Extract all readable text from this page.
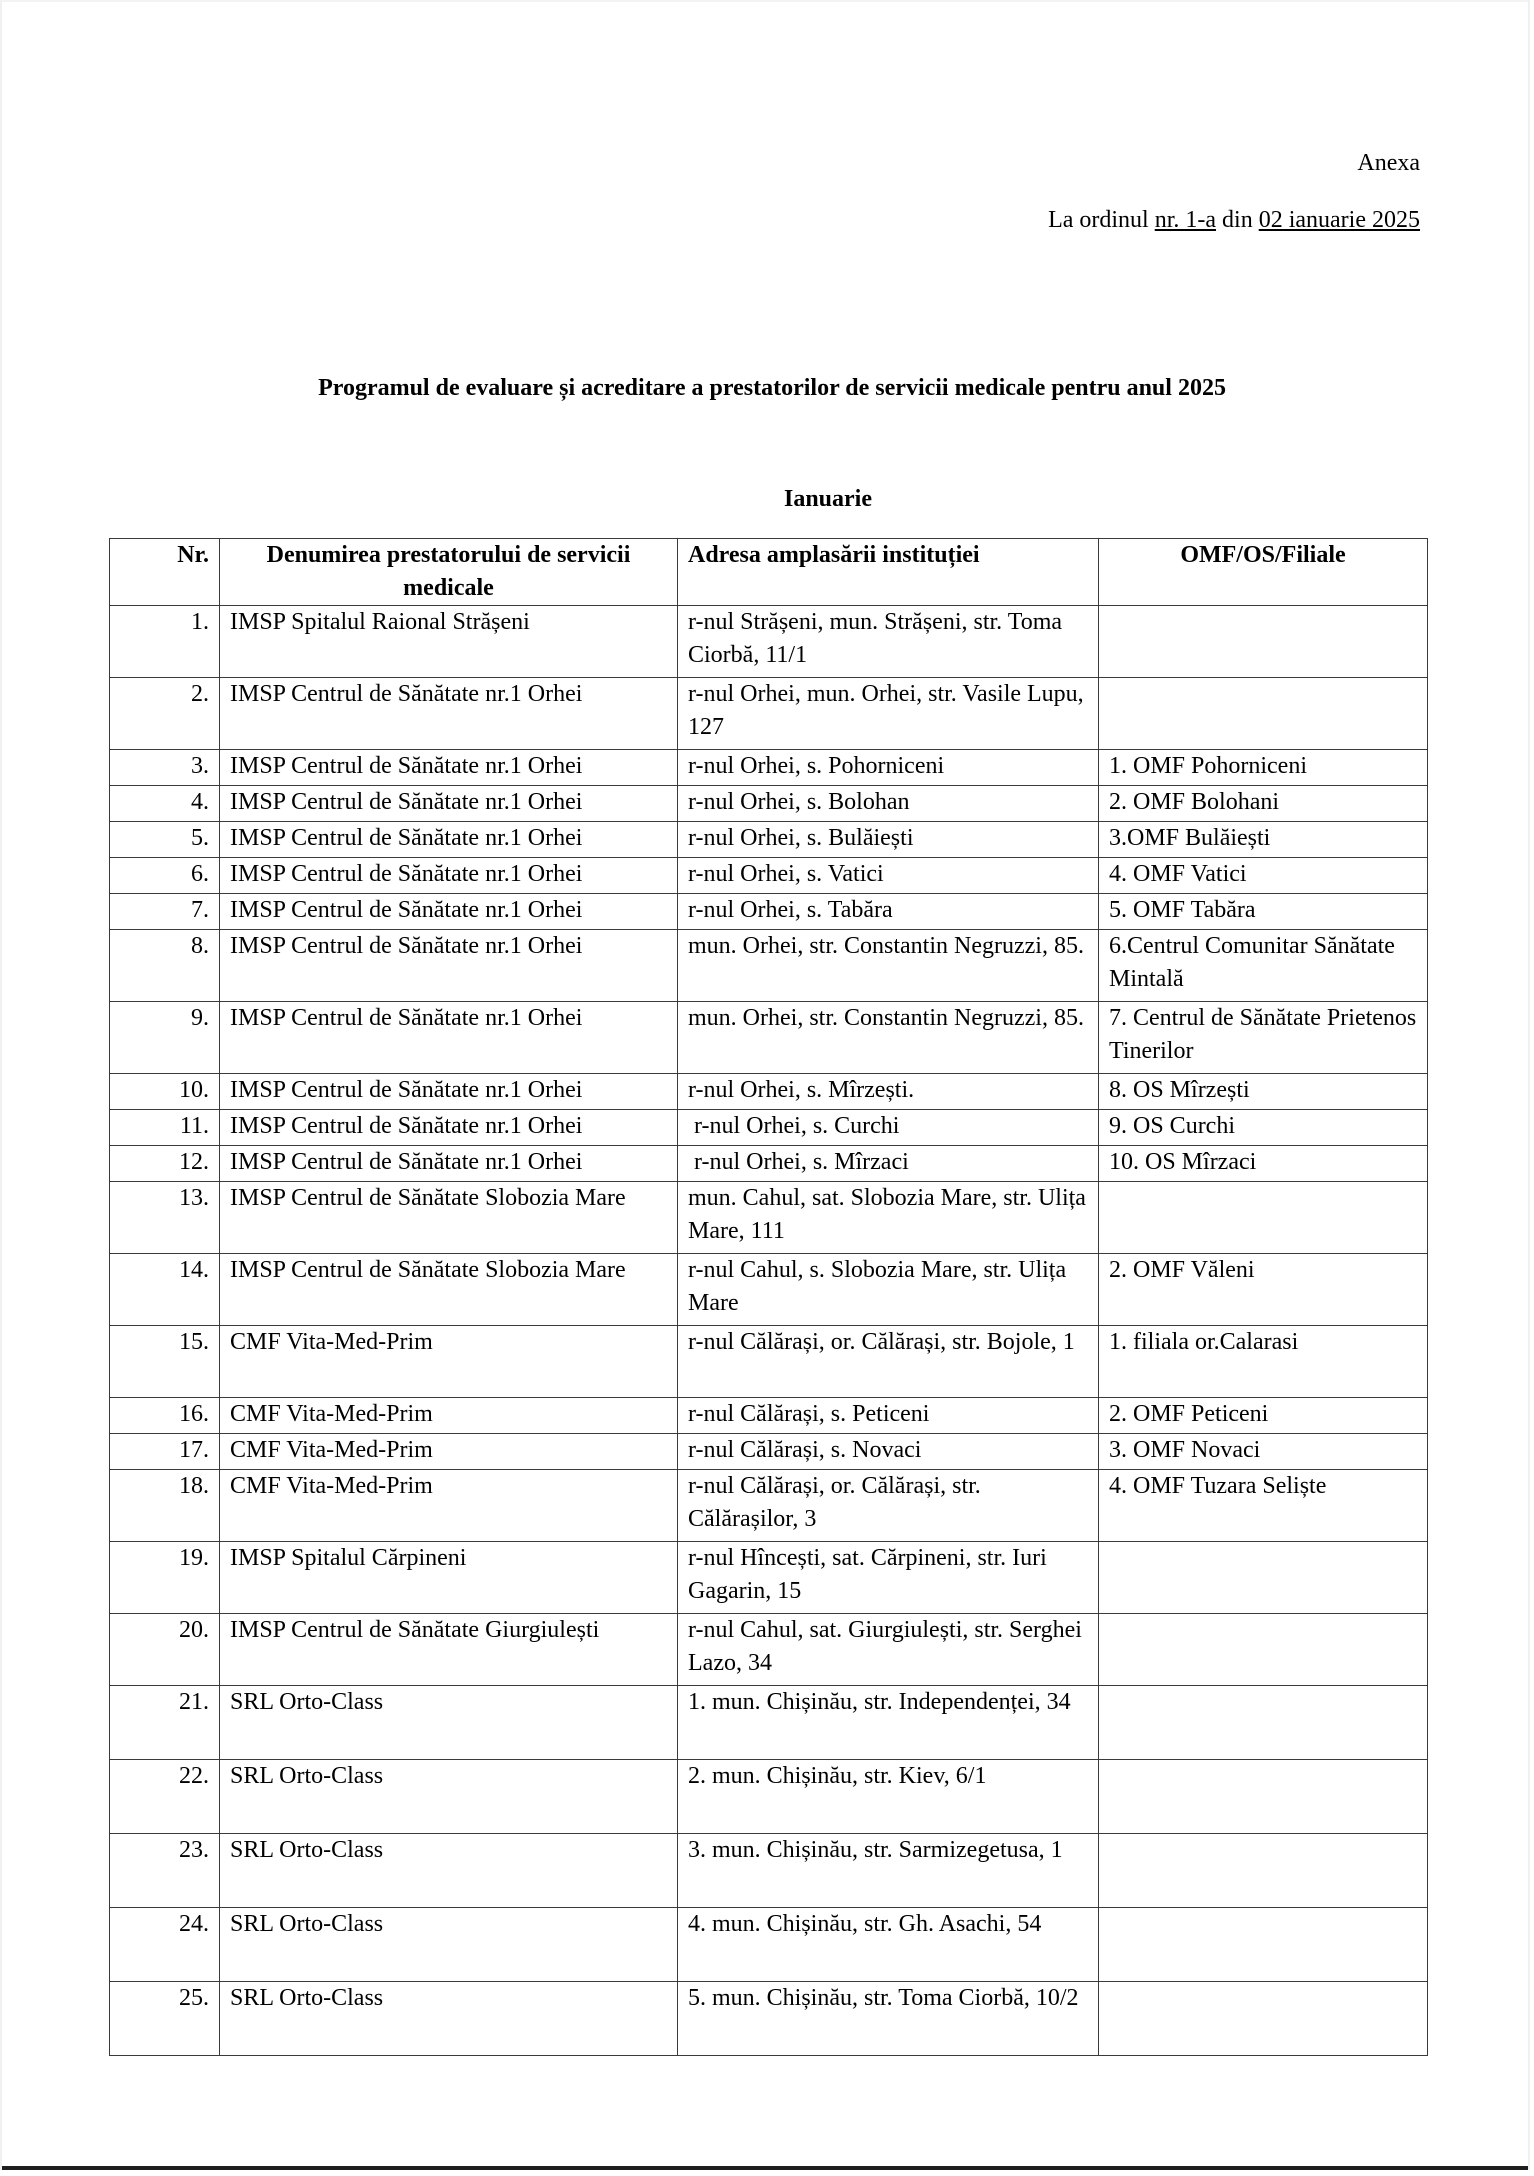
Anexa
La ordinul nr. 1-a din 02 ianuarie 2025
Programul de evaluare și acreditare a prestatorilor de servicii medicale pentru anul 2025
Ianuarie
Nr.	Denumirea prestatorului de servicii medicale	Adresa amplasării instituției	OMF/OS/Filiale
1.	IMSP Spitalul Raional Strășeni	r-nul Strășeni, mun. Strășeni, str. Toma Ciorbă, 11/1	
2.	IMSP Centrul de Sănătate nr.1 Orhei	r-nul Orhei, mun. Orhei, str. Vasile Lupu, 127	
3.	IMSP Centrul de Sănătate nr.1 Orhei	r-nul Orhei, s. Pohorniceni	1. OMF Pohorniceni
4.	IMSP Centrul de Sănătate nr.1 Orhei	r-nul Orhei, s. Bolohan	2. OMF Bolohani
5.	IMSP Centrul de Sănătate nr.1 Orhei	r-nul Orhei, s. Bulăiești	3.OMF Bulăiești
6.	IMSP Centrul de Sănătate nr.1 Orhei	r-nul Orhei, s. Vatici	4. OMF Vatici
7.	IMSP Centrul de Sănătate nr.1 Orhei	r-nul Orhei, s. Tabăra	5. OMF Tabăra
8.	IMSP Centrul de Sănătate nr.1 Orhei	mun. Orhei, str. Constantin Negruzzi, 85.	6.Centrul Comunitar Sănătate Mintală
9.	IMSP Centrul de Sănătate nr.1 Orhei	mun. Orhei, str. Constantin Negruzzi, 85.	7. Centrul de Sănătate Prietenos Tinerilor
10.	IMSP Centrul de Sănătate nr.1 Orhei	r-nul Orhei, s. Mîrzești.	8. OS Mîrzești
11.	IMSP Centrul de Sănătate nr.1 Orhei	r-nul Orhei, s. Curchi	9. OS Curchi
12.	IMSP Centrul de Sănătate nr.1 Orhei	r-nul Orhei, s. Mîrzaci	10. OS Mîrzaci
13.	IMSP Centrul de Sănătate Slobozia Mare	mun. Cahul, sat. Slobozia Mare, str. Ulița Mare, 111	
14.	IMSP Centrul de Sănătate Slobozia Mare	r-nul Cahul, s. Slobozia Mare, str. Ulița Mare	2. OMF Văleni
15.	CMF Vita-Med-Prim	r-nul Călărași, or. Călărași, str. Bojole, 1	1. filiala or.Calarasi
16.	CMF Vita-Med-Prim	r-nul Călărași, s. Peticeni	2. OMF Peticeni
17.	CMF Vita-Med-Prim	r-nul Călărași, s. Novaci	3. OMF Novaci
18.	CMF Vita-Med-Prim	r-nul Călărași, or. Călărași, str. Călărașilor, 3	4. OMF Tuzara Seliște
19.	IMSP Spitalul Cărpineni	r-nul Hîncești, sat. Cărpineni, str. Iuri Gagarin, 15	
20.	IMSP Centrul de Sănătate Giurgiulești	r-nul Cahul, sat. Giurgiulești, str. Serghei Lazo, 34	
21.	SRL Orto-Class	1. mun. Chișinău, str. Independenței, 34	
22.	SRL Orto-Class	2. mun. Chișinău, str. Kiev, 6/1	
23.	SRL Orto-Class	3. mun. Chișinău, str. Sarmizegetusa, 1	
24.	SRL Orto-Class	4. mun. Chișinău, str. Gh. Asachi, 54	
25.	SRL Orto-Class	5. mun. Chișinău, str. Toma Ciorbă, 10/2	
